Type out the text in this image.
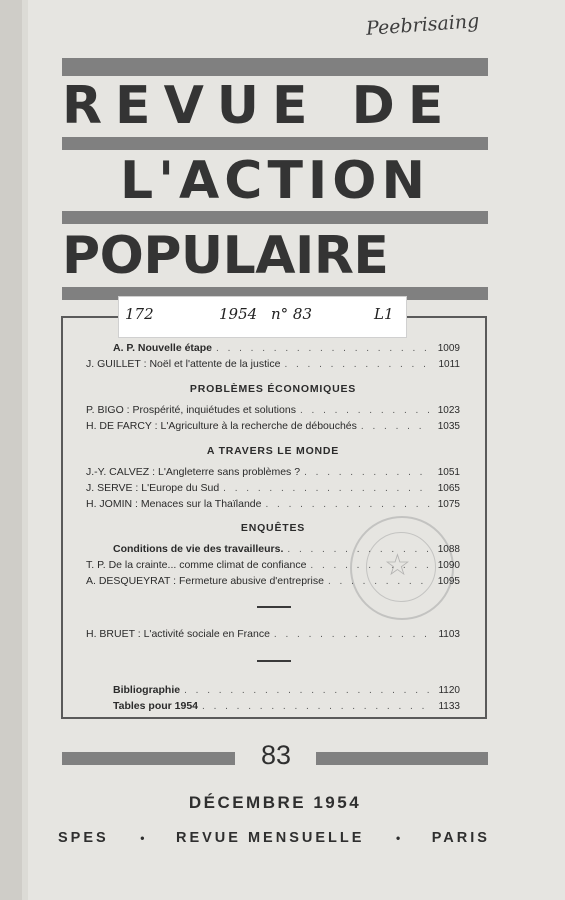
Peebrisaing
REVUE DE
L'ACTION
POPULAIRE
172	1954 n° 83	L1
A. P. Nouvelle étape . . .	1009
J. GUILLET : Noël et l'attente de la justice . . .	1011
PROBLÈMES ÉCONOMIQUES
P. BIGO : Prospérité, inquiétudes et solutions . . .	1023
H. DE FARCY : L'Agriculture à la recherche de débouchés . . .	1035
A TRAVERS LE MONDE
J.-Y. CALVEZ : L'Angleterre sans problèmes ? . . .	1051
J. SERVE : L'Europe du Sud . . .	1065
H. JOMIN : Menaces sur la Thaïlande . . .	1075
ENQUÊTES
☆
Conditions de vie des travailleurs. . . .	1088
T. P. De la crainte... comme climat de confiance . . .	1090
A. DESQUEYRAT : Fermeture abusive d'entreprise . . .	1095
H. BRUET : L'activité sociale en France . . .	1103
Bibliographie . . .	1120
Tables pour 1954 . . .	1133
83
DÉCEMBRE 1954
SPES	• REVUE MENSUELLE	• PARIS
